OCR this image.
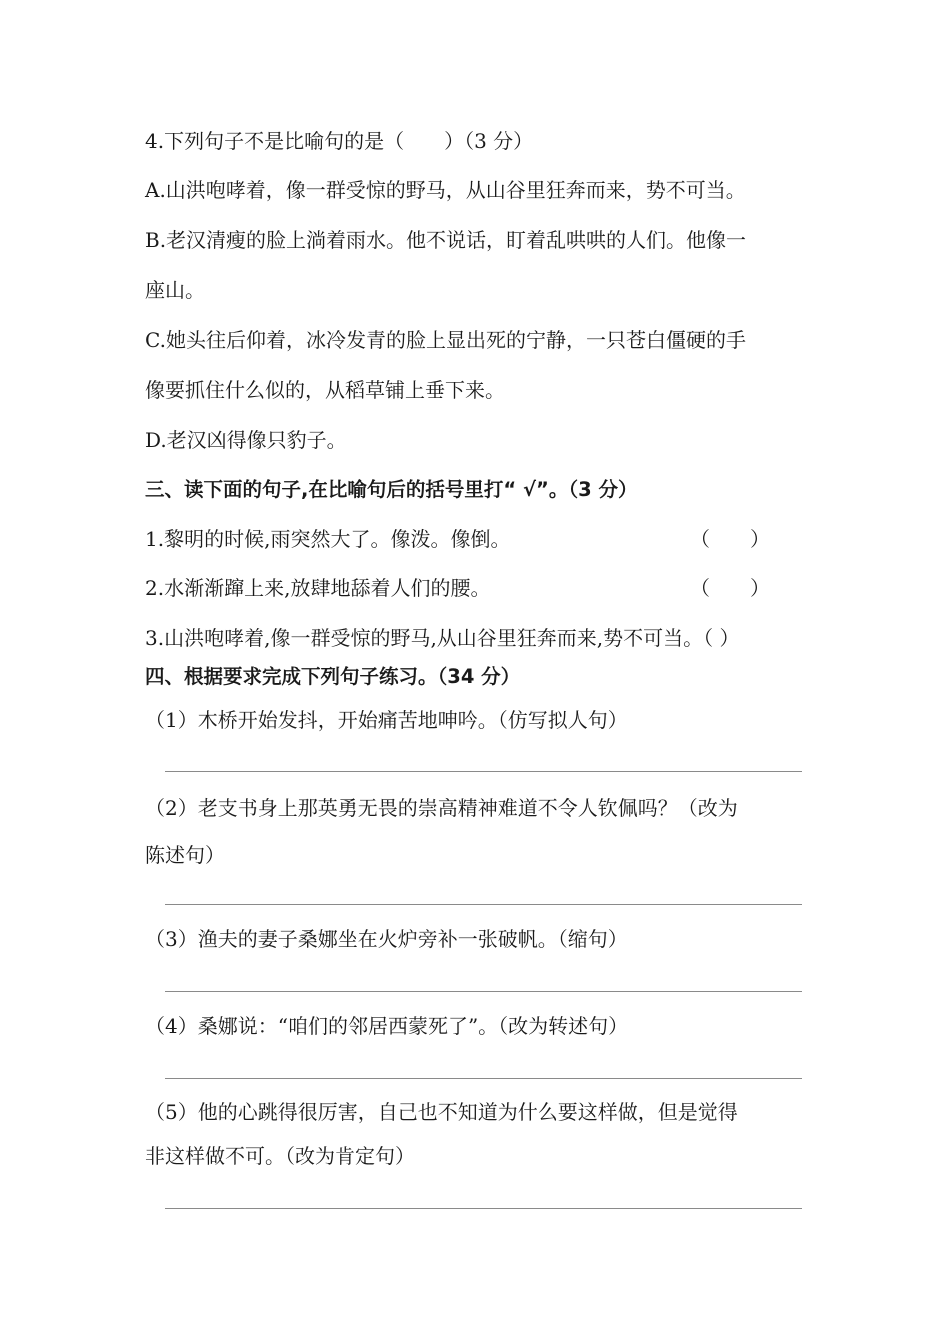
4.下列句子不是比喻句的是（　　）（3 分）
A.山洪咆哮着，像一群受惊的野马，从山谷里狂奔而来，势不可当。
B.老汉清瘦的脸上淌着雨水。他不说话，盯着乱哄哄的人们。他像一
座山。
C.她头往后仰着，冰冷发青的脸上显出死的宁静，一只苍白僵硬的手
像要抓住什么似的，从稻草铺上垂下来。
D.老汉凶得像只豹子。
三、读下面的句子,在比喻句后的括号里打“ √”。（3 分）
1.黎明的时候,雨突然大了。像泼。像倒。	（　　）
2.水渐渐蹿上来,放肆地舔着人们的腰。	（　　）
3.山洪咆哮着,像一群受惊的野马,从山谷里狂奔而来,势不可当。（ ）
四、根据要求完成下列句子练习。（34 分）
（1）木桥开始发抖，开始痛苦地呻吟。（仿写拟人句）
（2）老支书身上那英勇无畏的崇高精神难道不令人钦佩吗？（改为
陈述句）
（3）渔夫的妻子桑娜坐在火炉旁补一张破帆。（缩句）
（4）桑娜说：“咱们的邻居西蒙死了”。（改为转述句）
（5）他的心跳得很厉害，自己也不知道为什么要这样做，但是觉得
非这样做不可。（改为肯定句）
